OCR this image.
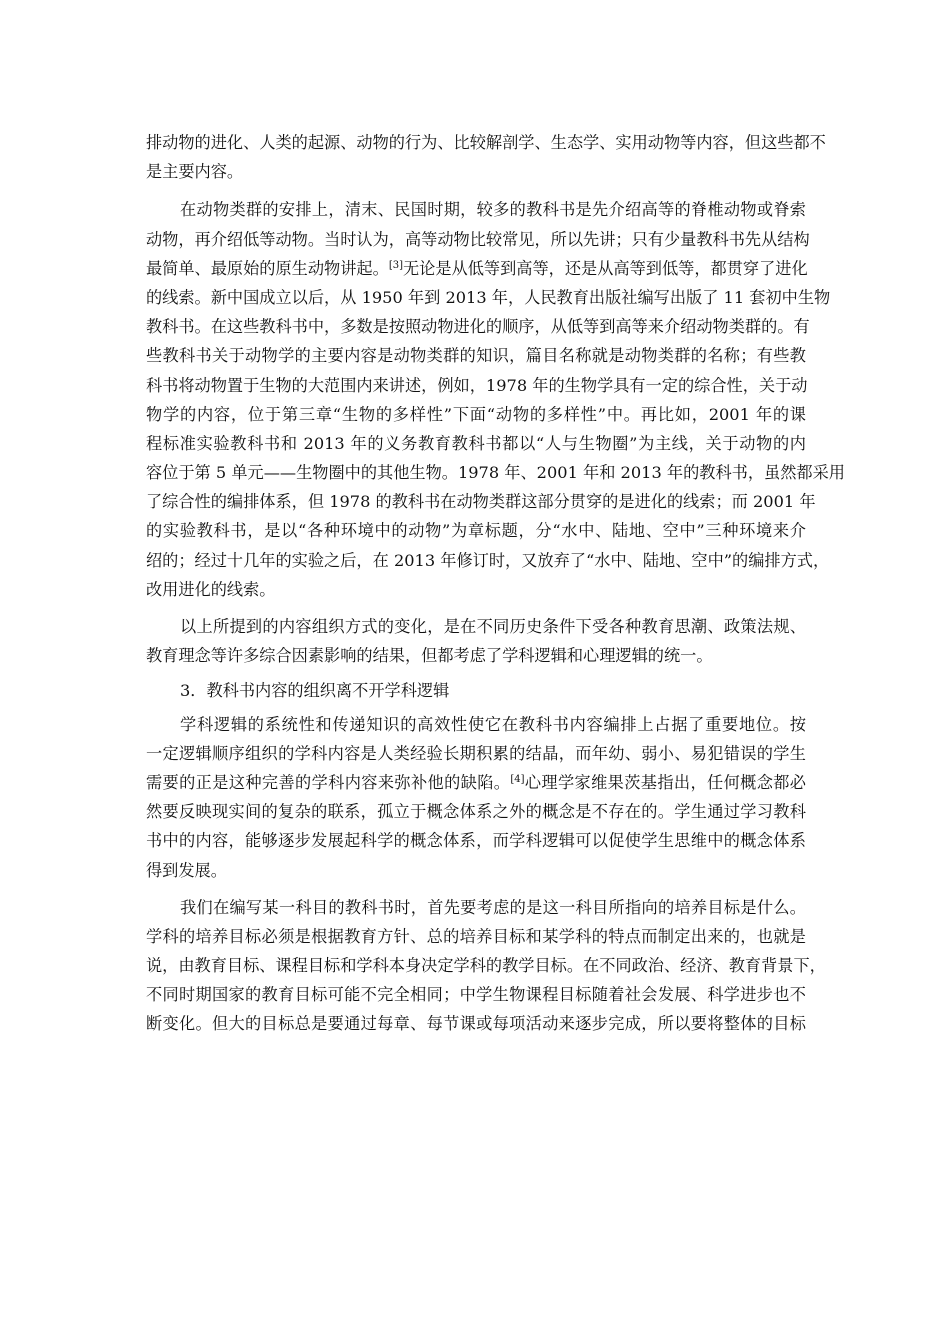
排动物的进化、人类的起源、动物的行为、比较解剖学、生态学、实用动物等内容，但这些都不
是主要内容。
在动物类群的安排上，清末、民国时期，较多的教科书是先介绍高等的脊椎动物或脊索
动物，再介绍低等动物。当时认为，高等动物比较常见，所以先讲；只有少量教科书先从结构
最简单、最原始的原生动物讲起。[3]无论是从低等到高等，还是从高等到低等，都贯穿了进化
的线索。新中国成立以后，从 1950 年到 2013 年，人民教育出版社编写出版了 11 套初中生物
教科书。在这些教科书中，多数是按照动物进化的顺序，从低等到高等来介绍动物类群的。有
些教科书关于动物学的主要内容是动物类群的知识，篇目名称就是动物类群的名称；有些教
科书将动物置于生物的大范围内来讲述，例如，1978 年的生物学具有一定的综合性，关于动
物学的内容，位于第三章“生物的多样性”下面“动物的多样性”中。再比如，2001 年的课
程标准实验教科书和 2013 年的义务教育教科书都以“人与生物圈”为主线，关于动物的内
容位于第 5 单元——生物圈中的其他生物。1978 年、2001 年和 2013 年的教科书，虽然都采用
了综合性的编排体系，但 1978 的教科书在动物类群这部分贯穿的是进化的线索；而 2001 年
的实验教科书，是以“各种环境中的动物”为章标题，分“水中、陆地、空中”三种环境来介
绍的；经过十几年的实验之后，在 2013 年修订时，又放弃了“水中、陆地、空中”的编排方式，
改用进化的线索。
以上所提到的内容组织方式的变化，是在不同历史条件下受各种教育思潮、政策法规、
教育理念等许多综合因素影响的结果，但都考虑了学科逻辑和心理逻辑的统一。
3．教科书内容的组织离不开学科逻辑
学科逻辑的系统性和传递知识的高效性使它在教科书内容编排上占据了重要地位。按
一定逻辑顺序组织的学科内容是人类经验长期积累的结晶，而年幼、弱小、易犯错误的学生
需要的正是这种完善的学科内容来弥补他的缺陷。[4]心理学家维果茨基指出，任何概念都必
然要反映现实间的复杂的联系，孤立于概念体系之外的概念是不存在的。学生通过学习教科
书中的内容，能够逐步发展起科学的概念体系，而学科逻辑可以促使学生思维中的概念体系
得到发展。
我们在编写某一科目的教科书时，首先要考虑的是这一科目所指向的培养目标是什么。
学科的培养目标必须是根据教育方针、总的培养目标和某学科的特点而制定出来的，也就是
说，由教育目标、课程目标和学科本身决定学科的教学目标。在不同政治、经济、教育背景下，
不同时期国家的教育目标可能不完全相同；中学生物课程目标随着社会发展、科学进步也不
断变化。但大的目标总是要通过每章、每节课或每项活动来逐步完成，所以要将整体的目标
